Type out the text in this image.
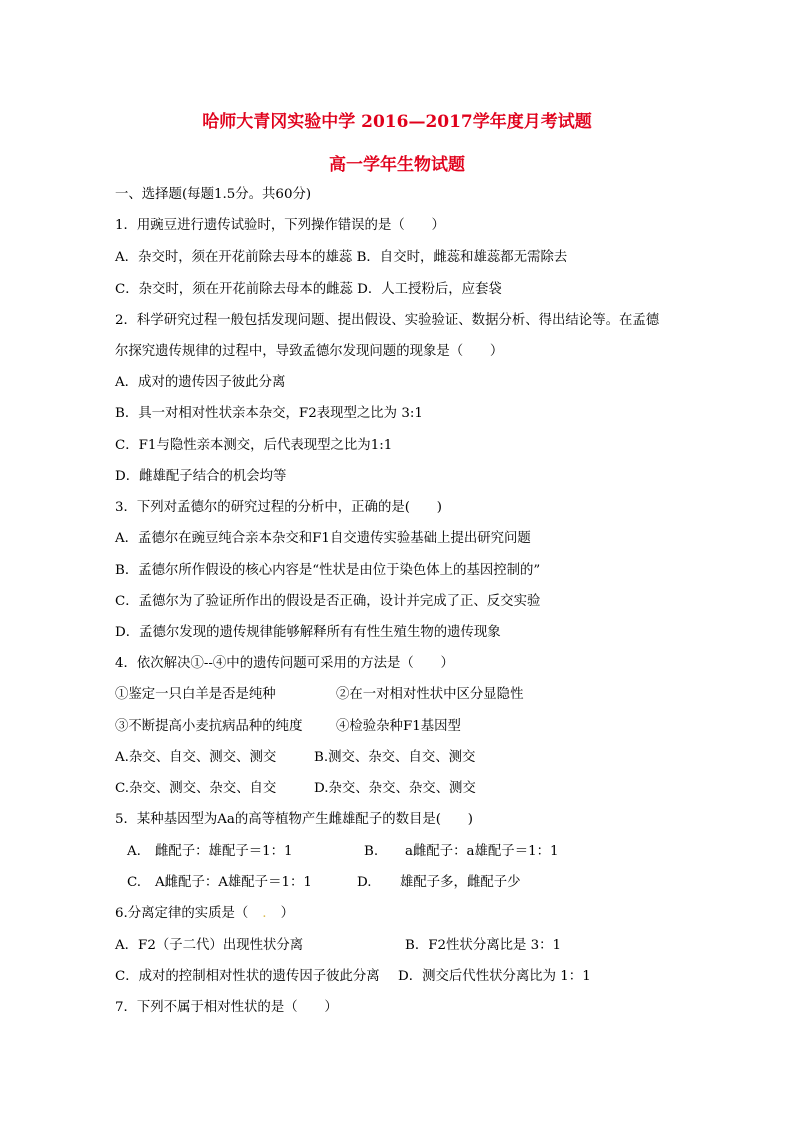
哈师大青冈实验中学 2016—2017学年度月考试题
高一学年生物试题

一、选择题(每题1.5分。共60分)

1．用豌豆进行遗传试验时，下列操作错误的是（　　）

A．杂交时，须在开花前除去母本的雄蕊 B．自交时，雌蕊和雄蕊都无需除去

C．杂交时，须在开花前除去母本的雌蕊 D．人工授粉后，应套袋

2．科学研究过程一般包括发现问题、提出假设、实验验证、数据分析、得出结论等。在孟德

尔探究遗传规律的过程中，导致孟德尔发现问题的现象是（　　）

A．成对的遗传因子彼此分离

B．具一对相对性状亲本杂交，F2表现型之比为 3:1

C．F1与隐性亲本测交，后代表现型之比为1:1

D．雌雄配子结合的机会均等

3．下列对孟德尔的研究过程的分析中，正确的是(　　)

A．孟德尔在豌豆纯合亲本杂交和F1自交遗传实验基础上提出研究问题

B．孟德尔所作假设的核心内容是“性状是由位于染色体上的基因控制的”

C．孟德尔为了验证所作出的假设是否正确，设计并完成了正、反交实验

D．孟德尔发现的遗传规律能够解释所有有性生殖生物的遗传现象

4．依次解决①--④中的遗传问题可采用的方法是（　　）

①鉴定一只白羊是否是纯种	②在一对相对性状中区分显隐性

③不断提高小麦抗病品种的纯度	④检验杂种F1基因型

A.杂交、自交、测交、测交	B.测交、杂交、自交、测交

C.杂交、测交、杂交、自交	D.杂交、杂交、杂交、测交

5．某种基因型为Aa的高等植物产生雌雄配子的数目是(　　)

A. 雌配子：雄配子＝1：1	B. a雌配子：a雄配子＝1：1

C. A雌配子：A雄配子＝1：1	D. 雄配子多，雌配子少

6.分离定律的实质是（ . ）

A．F2（子二代）出现性状分离	B．F2性状分离比是 3：1

C．成对的控制相对性状的遗传因子彼此分离 D．测交后代性状分离比为 1：1

7．下列不属于相对性状的是（　　）
